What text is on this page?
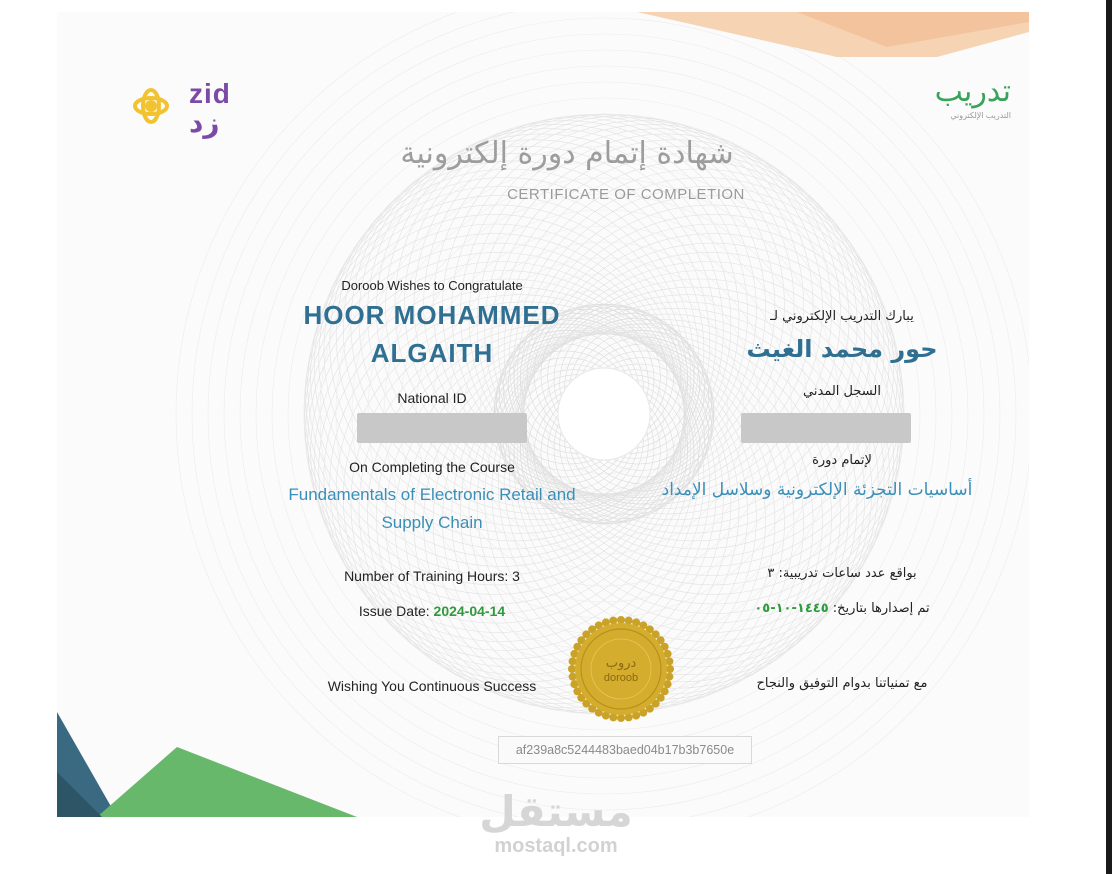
zid
زد
تدريب
التدريب الإلكتروني
شهادة إتمام دورة إلكترونية
CERTIFICATE OF COMPLETION
Doroob Wishes to Congratulate
HOOR MOHAMMED
ALGAITH
National ID
On Completing the Course
Fundamentals of Electronic Retail and
Supply Chain
Number of Training Hours: 3
Issue Date: 2024-04-14
Wishing You Continuous Success
يبارك التدريب الإلكتروني لـ
حور محمد الغيث
السجل المدني
لإتمام دورة
أساسيات التجزئة الإلكترونية وسلاسل الإمداد
بواقع عدد ساعات تدريبية: ٣
تم إصدارها بتاريخ: ١٤٤٥-١٠-٠٥
مع تمنياتنا بدوام التوفيق والنجاح
دروب
doroob
af239a8c5244483baed04b17b3b7650e
مستقل
mostaql.com
